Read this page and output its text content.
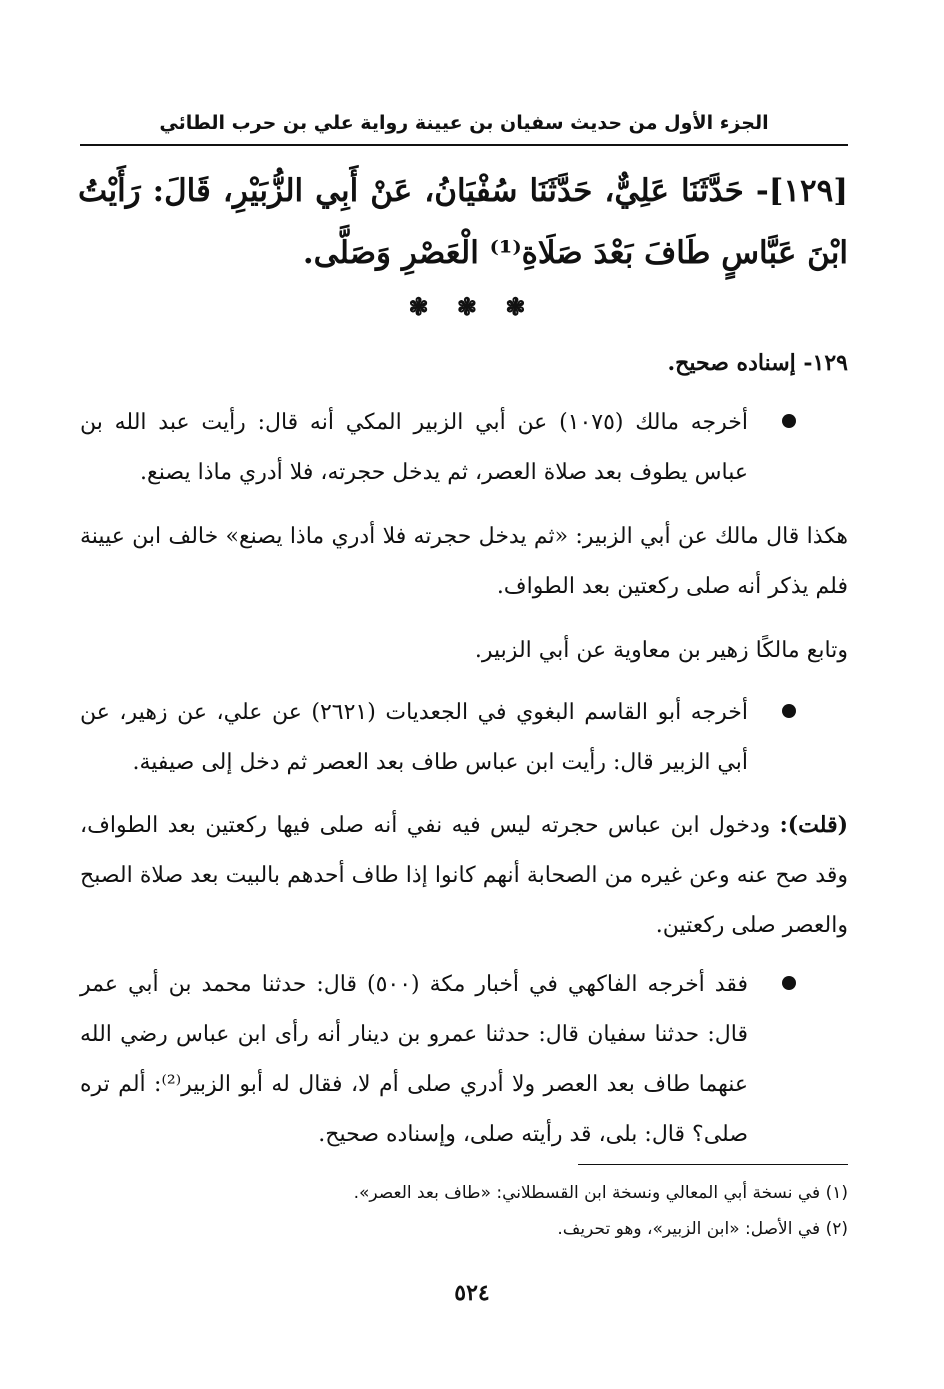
الجزء الأول من حديث سفيان بن عيينة رواية علي بن حرب الطائي
[١٢٩]- حَدَّثَنَا عَلِيٌّ، حَدَّثَنَا سُفْيَانُ، عَنْ أَبِي الزُّبَيْرِ، قَالَ: رَأَيْتُ ابْنَ عَبَّاسٍ طَافَ بَعْدَ صَلَاةِ⁽¹⁾ الْعَصْرِ وَصَلَّى.
❃ ❃ ❃
١٢٩- إسناده صحيح.
أخرجه مالك (١٠٧٥) عن أبي الزبير المكي أنه قال: رأيت عبد الله بن عباس يطوف بعد صلاة العصر، ثم يدخل حجرته، فلا أدري ماذا يصنع.
هكذا قال مالك عن أبي الزبير: «ثم يدخل حجرته فلا أدري ماذا يصنع» خالف ابن عيينة فلم يذكر أنه صلى ركعتين بعد الطواف.
وتابع مالكًا زهير بن معاوية عن أبي الزبير.
أخرجه أبو القاسم البغوي في الجعديات (٢٦٢١) عن علي، عن زهير، عن أبي الزبير قال: رأيت ابن عباس طاف بعد العصر ثم دخل إلى صيفية.
(قلت): ودخول ابن عباس حجرته ليس فيه نفي أنه صلى فيها ركعتين بعد الطواف، وقد صح عنه وعن غيره من الصحابة أنهم كانوا إذا طاف أحدهم بالبيت بعد صلاة الصبح والعصر صلى ركعتين.
فقد أخرجه الفاكهي في أخبار مكة (٥٠٠) قال: حدثنا محمد بن أبي عمر قال: حدثنا سفيان قال: حدثنا عمرو بن دينار أنه رأى ابن عباس رضي الله عنهما طاف بعد العصر ولا أدري صلى أم لا، فقال له أبو الزبير⁽²⁾: ألم تره صلى؟ قال: بلى، قد رأيته صلى، وإسناده صحيح.
(١) في نسخة أبي المعالي ونسخة ابن القسطلاني: «طاف بعد العصر».
(٢) في الأصل: «ابن الزبير»، وهو تحريف.
٥٢٤
